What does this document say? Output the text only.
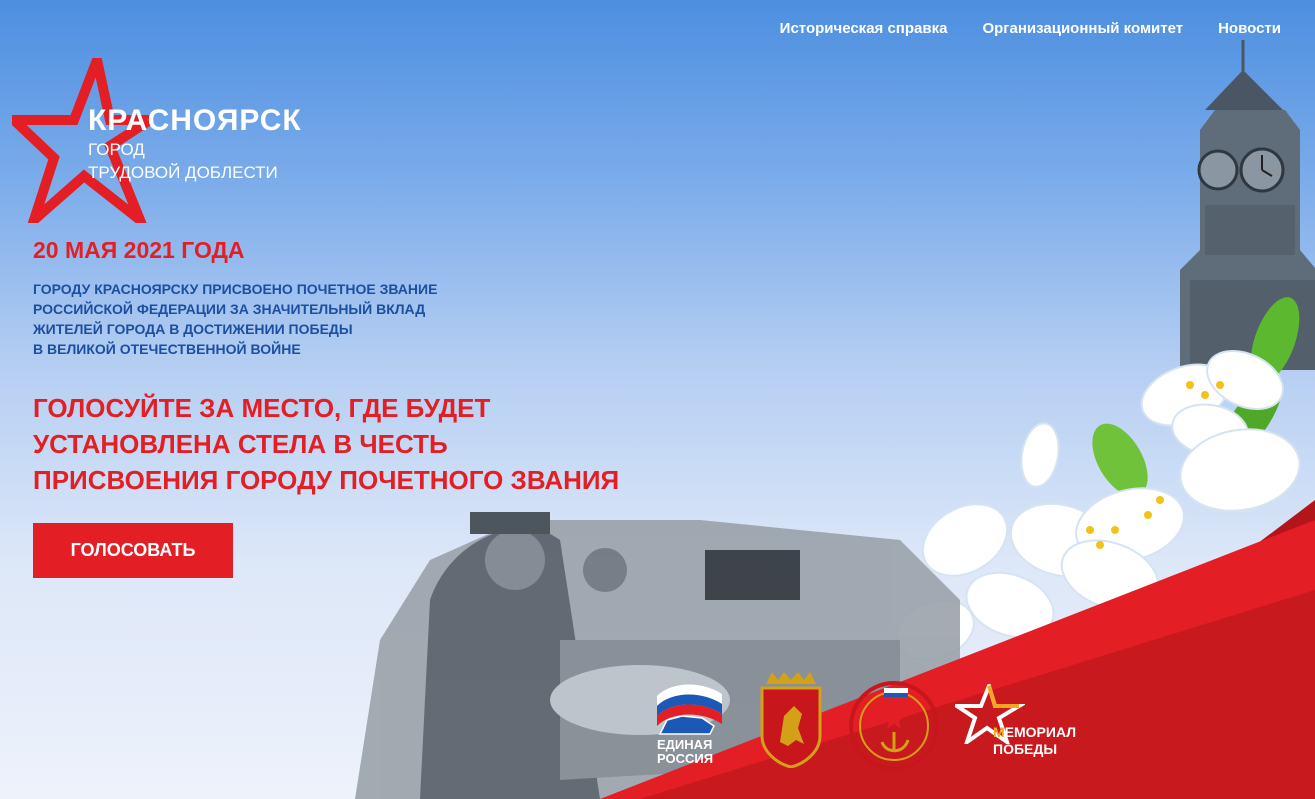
Историческая справка Организационный комитет Новости
КРАСНОЯРСК
ГОРОД
ТРУДОВОЙ ДОБЛЕСТИ
20 МАЯ 2021 ГОДА
ГОРОДУ КРАСНОЯРСКУ ПРИСВОЕНО ПОЧЕТНОЕ ЗВАНИЕ
РОССИЙСКОЙ ФЕДЕРАЦИИ ЗА ЗНАЧИТЕЛЬНЫЙ ВКЛАД
ЖИТЕЛЕЙ ГОРОДА В ДОСТИЖЕНИИ ПОБЕДЫ
В ВЕЛИКОЙ ОТЕЧЕСТВЕННОЙ ВОЙНЕ
ГОЛОСУЙТЕ ЗА МЕСТО, ГДЕ БУДЕТ
УСТАНОВЛЕНА СТЕЛА В ЧЕСТЬ
ПРИСВОЕНИЯ ГОРОДУ ПОЧЕТНОГО ЗВАНИЯ
ГОЛОСОВАТЬ
ЕДИНАЯ
РОССИЯ
МЕМОРИАЛ
ПОБЕДЫ
